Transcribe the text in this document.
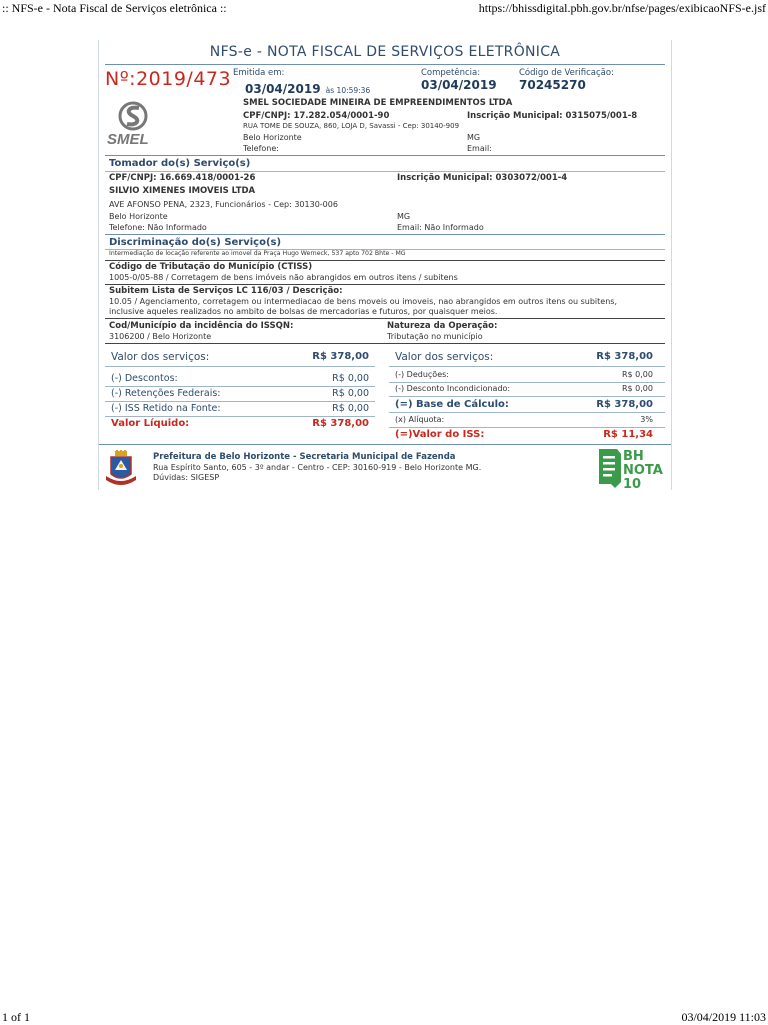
:: NFS-e - Nota Fiscal de Serviços eletrônica ::	https://bhissdigital.pbh.gov.br/nfse/pages/exibicaoNFS-e.jsf
NFS-e - NOTA FISCAL DE SERVIÇOS ELETRÔNICA
Nº:2019/473 Emitida em:
03/04/2019 às 10:59:36
Competência:
03/04/2019
Código de Verificação:
70245270
SMEL
SMEL SOCIEDADE MINEIRA DE EMPREENDIMENTOS LTDA
CPF/CNPJ: 17.282.054/0001-90	Inscrição Municipal: 0315075/001-8
RUA TOME DE SOUZA, 860, LOJA D, Savassi - Cep: 30140-909
Belo Horizonte	MG
Telefone:	Email:
Tomador do(s) Serviço(s)
CPF/CNPJ: 16.669.418/0001-26	Inscrição Municipal: 0303072/001-4
SILVIO XIMENES IMOVEIS LTDA
AVE AFONSO PENA, 2323, Funcionários - Cep: 30130-006
Belo Horizonte	MG
Telefone: Não Informado	Email: Não Informado
Discriminação do(s) Serviço(s)
Intermediação de locação referente ao imovel da Praça Hugo Werneck, 537 apto 702 Bhte - MG
Código de Tributação do Município (CTISS)
1005-0/05-88 / Corretagem de bens imóveis não abrangidos em outros itens / subitens
Subitem Lista de Serviços LC 116/03 / Descrição:
10.05 / Agenciamento, corretagem ou intermediacao de bens moveis ou imoveis, nao abrangidos em outros itens ou subitens,
inclusive aqueles realizados no ambito de bolsas de mercadorias e futuros, por quaisquer meios.
Cod/Município da incidência do ISSQN:
3106200 / Belo Horizonte
Natureza da Operação:
Tributação no município
Valor dos serviços:	R$ 378,00
(-) Descontos:	R$ 0,00
(-) Retenções Federais:	R$ 0,00
(-) ISS Retido na Fonte:	R$ 0,00
Valor Líquido:	R$ 378,00
Valor dos serviços:	R$ 378,00
(-) Deduções:	R$ 0,00
(-) Desconto Incondicionado:	R$ 0,00
(=) Base de Cálculo:	R$ 378,00
(x) Alíquota:	3%
(=)Valor do ISS:	R$ 11,34
Prefeitura de Belo Horizonte - Secretaria Municipal de Fazenda
Rua Espírito Santo, 605 - 3º andar - Centro - CEP: 30160-919 - Belo Horizonte MG.
Dúvidas: SIGESP
BH
NOTA
10
1 of 1	03/04/2019 11:03
